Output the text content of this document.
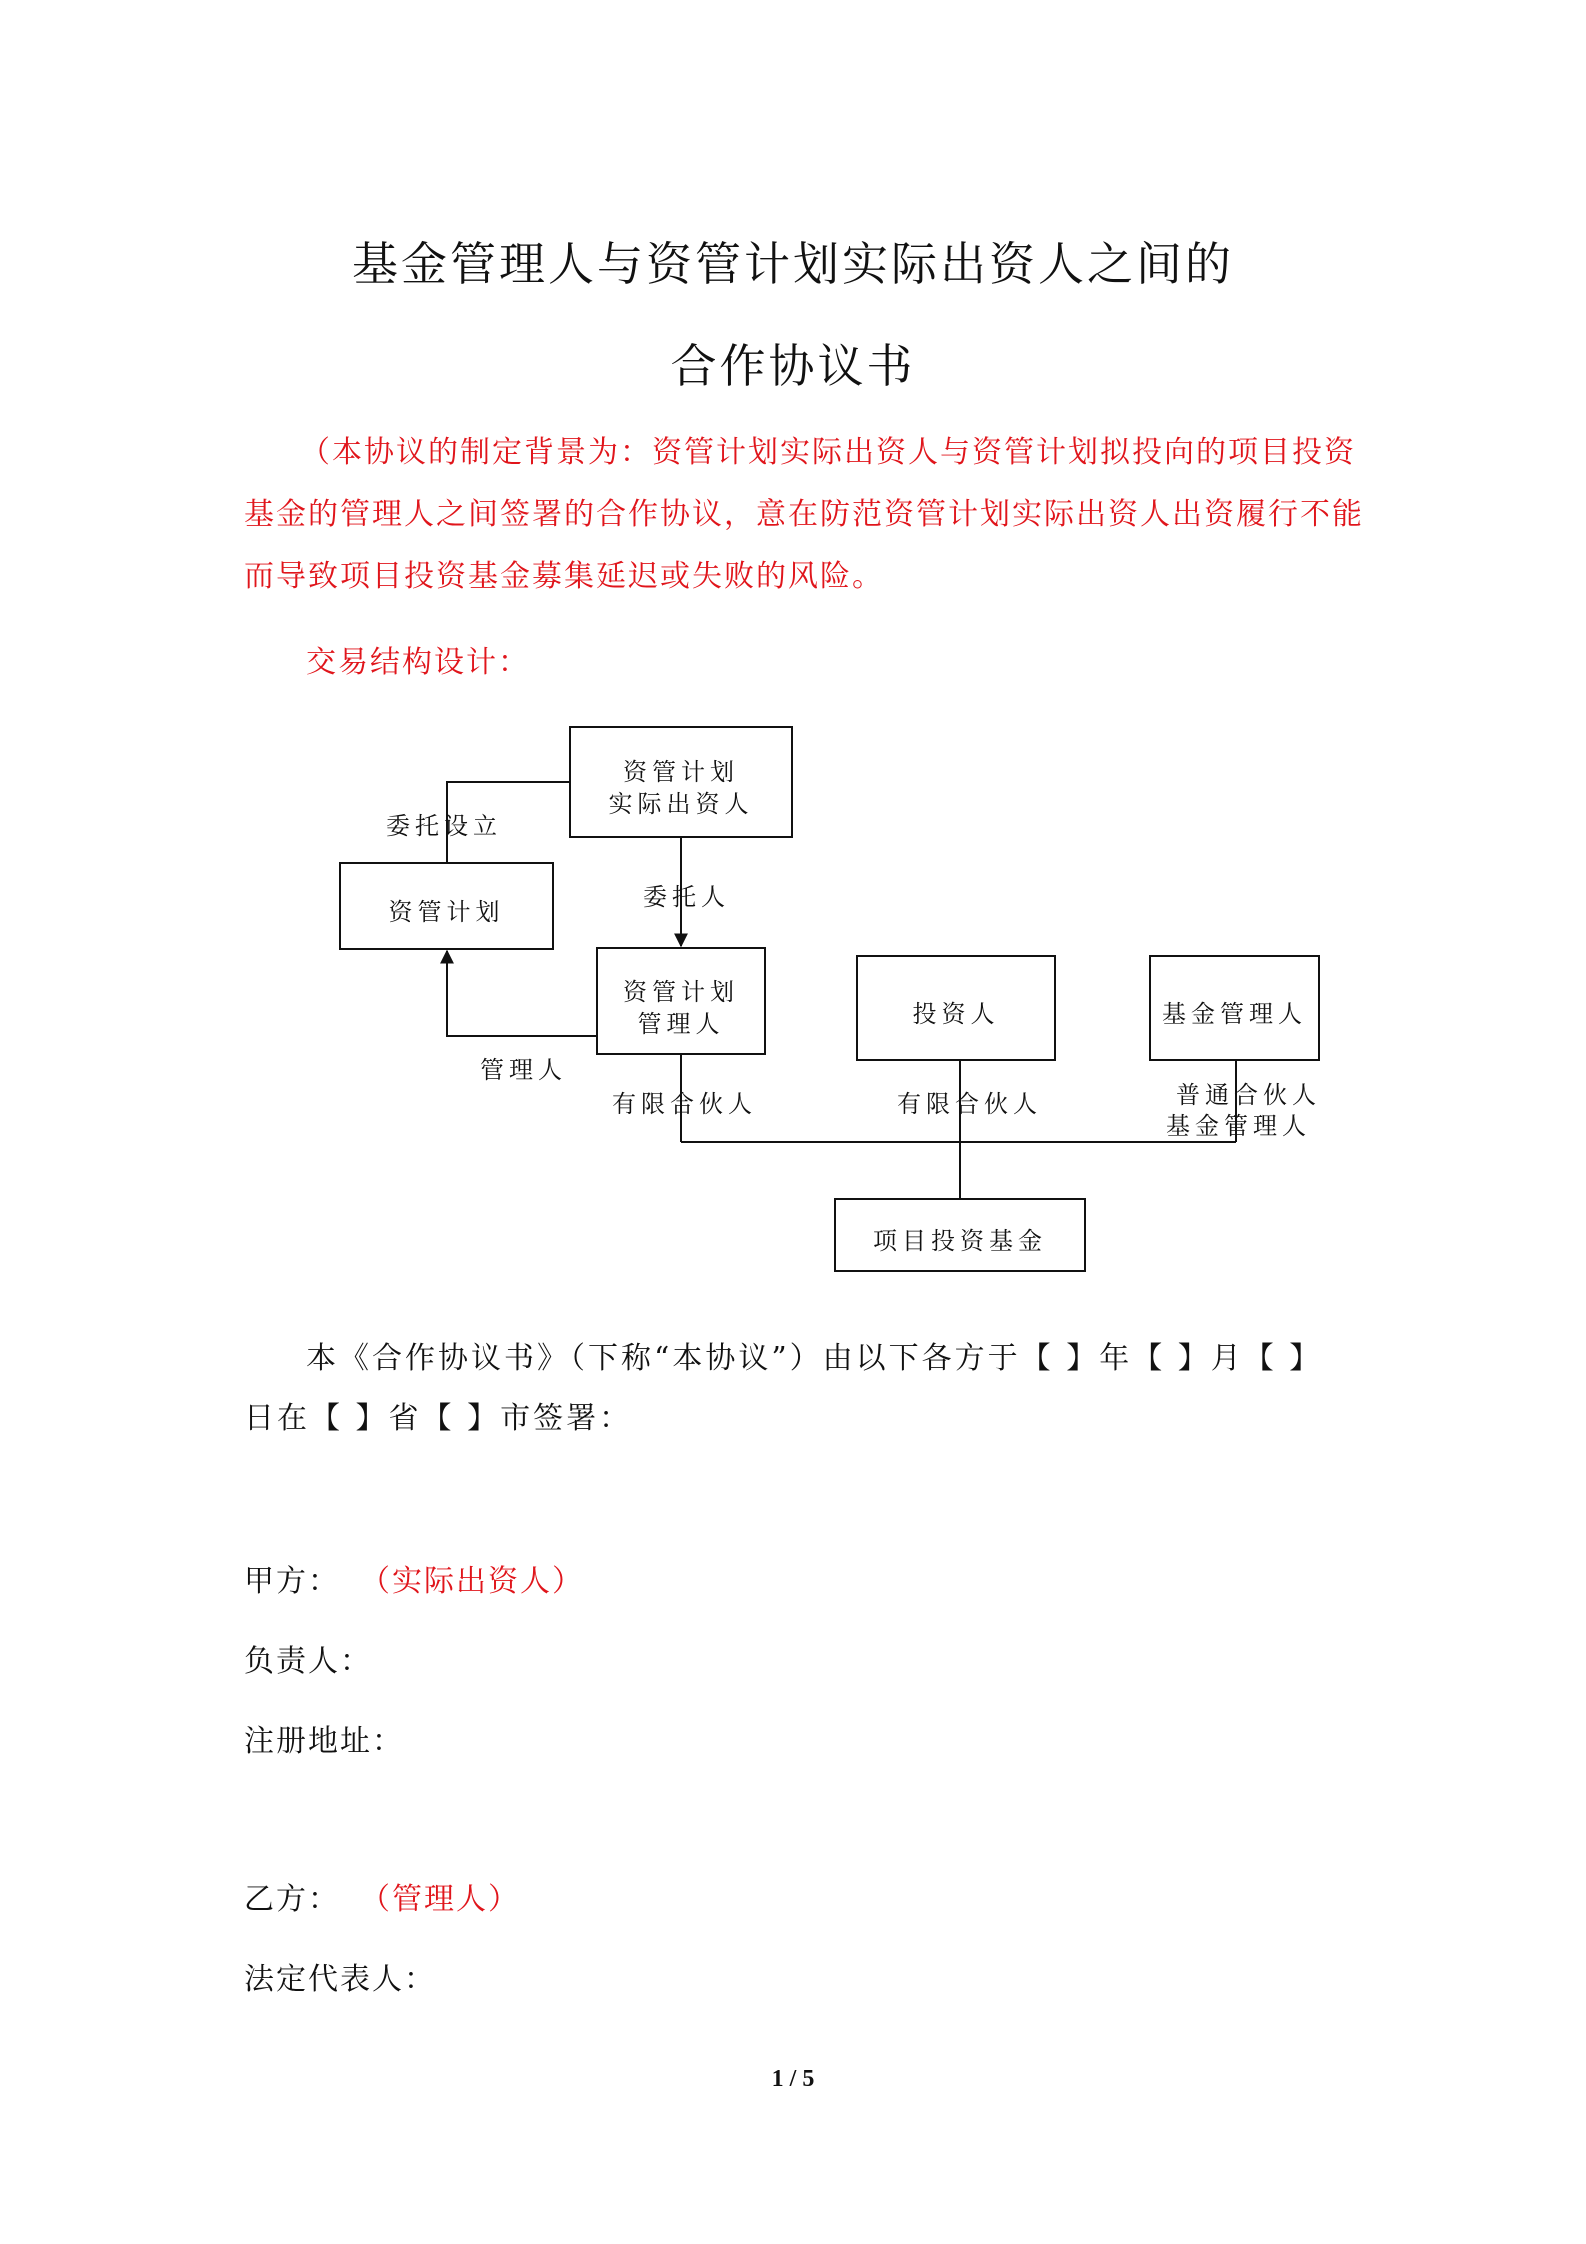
基金管理人与资管计划实际出资人之间的
合作协议书
（本协议的制定背景为：资管计划实际出资人与资管计划拟投向的项目投资
基金的管理人之间签署的合作协议，意在防范资管计划实际出资人出资履行不能
而导致项目投资基金募集延迟或失败的风险。
交易结构设计：
资管计划
实际出资人
资管计划
资管计划
管理人	投资人	基金管理人
项目投资基金
委托设立
委托人
管理人
有限合伙人	有限合伙人	普通合伙人
基金管理人
本《合作协议书》（下称“本协议”）由以下各方于【 】年【 】月【 】
日在【 】省【 】市签署：
甲方： （实际出资人）
负责人：
注册地址：
乙方： （管理人）
法定代表人：
1 / 5
